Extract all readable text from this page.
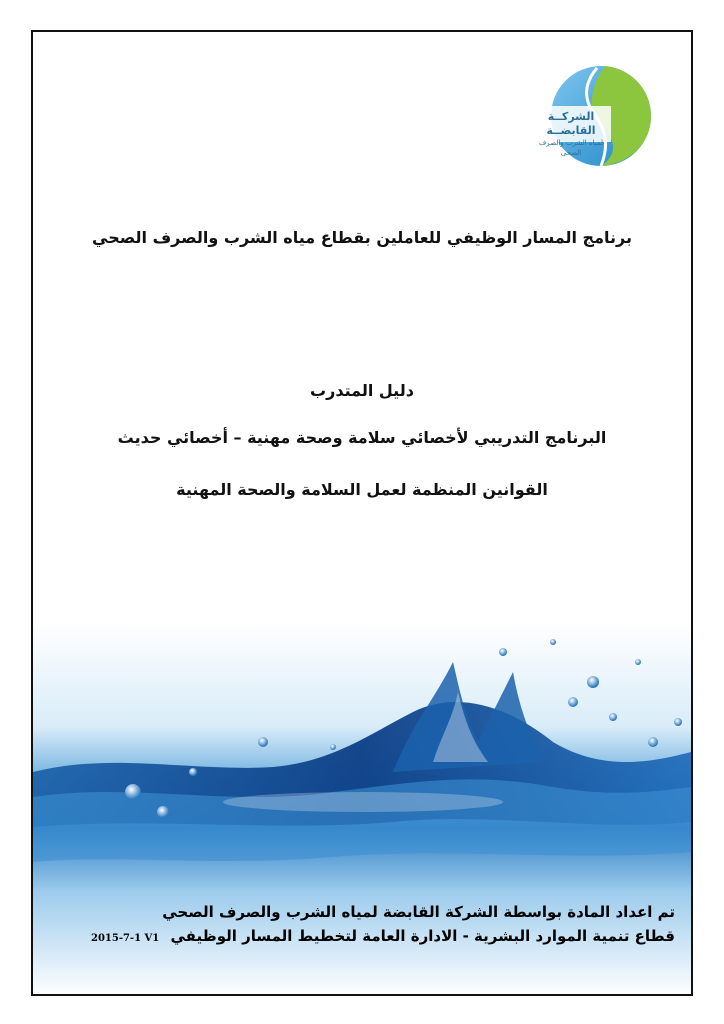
الشركــة القابضــة
لمياه الشرب والصرف الصحى
برنامج المسار الوظيفي للعاملين بقطاع مياه الشرب والصرف الصحي
دليل المتدرب
البرنامج التدريبي لأخصائي سلامة وصحة مهنية – أخصائي حديث
القوانين المنظمة لعمل السلامة والصحة المهنية
تم اعداد المادة بواسطة الشركة القابضة لمياه الشرب والصرف الصحي
قطاع تنمية الموارد البشرية - الادارة العامة لتخطيط المسار الوظيفي 2015-7-1 V1
